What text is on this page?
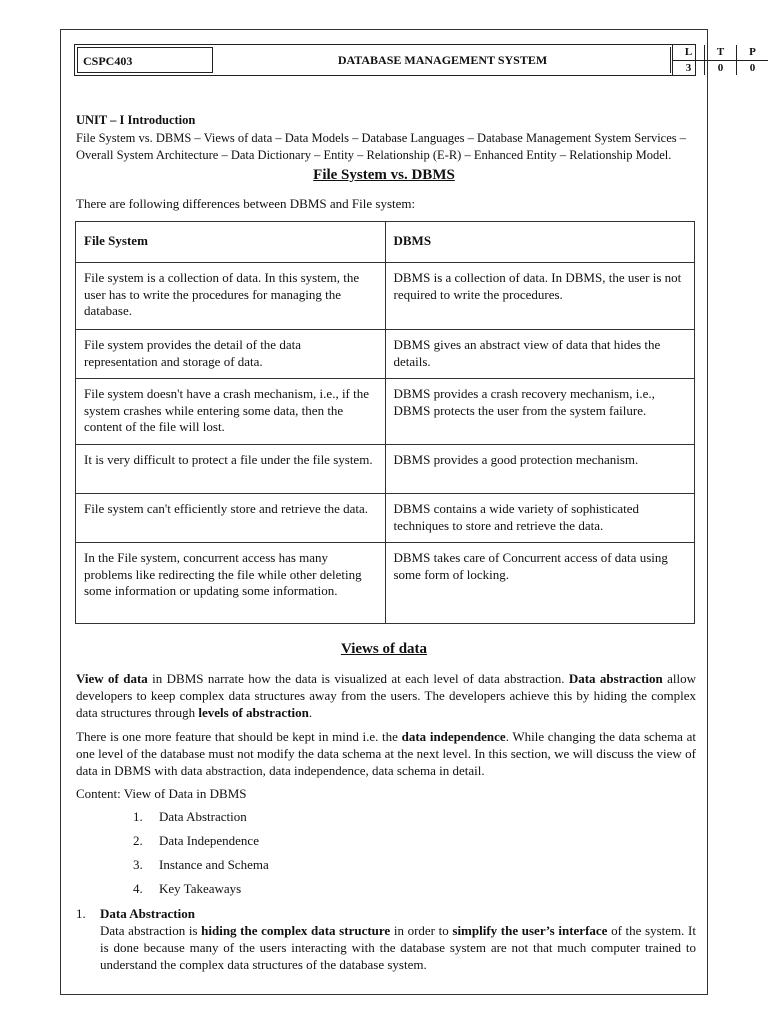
CSPC403	DATABASE MANAGEMENT SYSTEM
L	T	P
3	0	0
UNIT – I Introduction
File System vs. DBMS – Views of data – Data Models – Database Languages – Database Management System Services – Overall System Architecture – Data Dictionary – Entity – Relationship (E-R) – Enhanced Entity – Relationship Model.
File System vs. DBMS
There are following differences between DBMS and File system:
File System	DBMS
File system is a collection of data. In this system, the user has to write the procedures for managing the database.	DBMS is a collection of data. In DBMS, the user is not required to write the procedures.
File system provides the detail of the data representation and storage of data.	DBMS gives an abstract view of data that hides the details.
File system doesn't have a crash mechanism, i.e., if the system crashes while entering some data, then the content of the file will lost.	DBMS provides a crash recovery mechanism, i.e., DBMS protects the user from the system failure.
It is very difficult to protect a file under the file system.	DBMS provides a good protection mechanism.
File system can't efficiently store and retrieve the data.	DBMS contains a wide variety of sophisticated techniques to store and retrieve the data.
In the File system, concurrent access has many problems like redirecting the file while other deleting some information or updating some information.	DBMS takes care of Concurrent access of data using some form of locking.
Views of data
View of data in DBMS narrate how the data is visualized at each level of data abstraction. Data abstraction allow developers to keep complex data structures away from the users. The developers achieve this by hiding the complex data structures through levels of abstraction.
There is one more feature that should be kept in mind i.e. the data independence. While changing the data schema at one level of the database must not modify the data schema at the next level. In this section, we will discuss the view of data in DBMS with data abstraction, data independence, data schema in detail.
Content: View of Data in DBMS
1. Data Abstraction
2. Data Independence
3. Instance and Schema
4. Key Takeaways
1. Data Abstraction
Data abstraction is hiding the complex data structure in order to simplify the user’s interface of the system. It is done because many of the users interacting with the database system are not that much computer trained to understand the complex data structures of the database system.
